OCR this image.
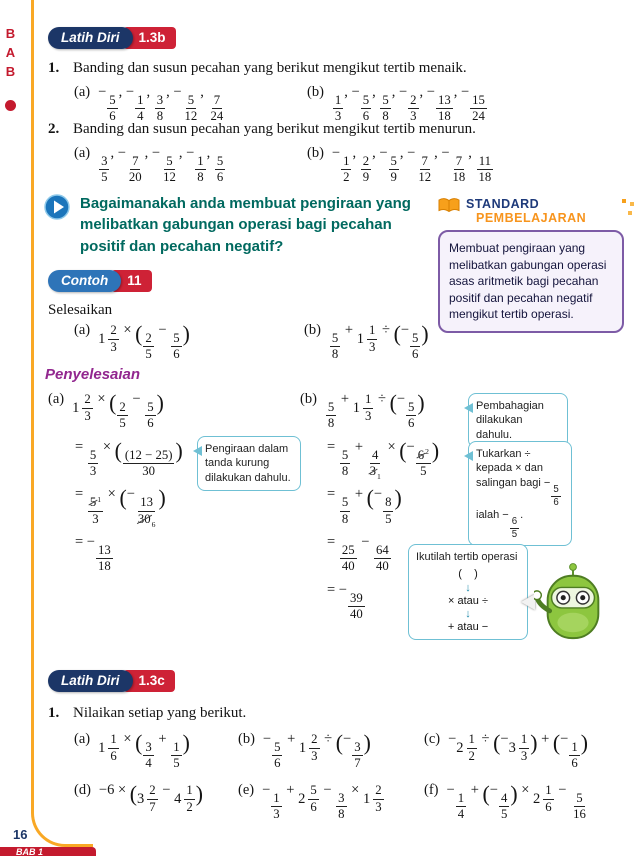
BAB
16
BAB 1
Latih Diri	1.3b
1. Banding dan susun pecahan yang berikut mengikut tertib menaik.
(a) −
$\frac{5}{6}$
, −
$\frac{1}{4}$
,
$\frac{3}{8}$
, −
$\frac{5}{12}$
,
$\frac{7}{24}$
(b)
$\frac{1}{3}$
, −
$\frac{5}{6}$
,
$\frac{5}{8}$
, −
$\frac{2}{3}$
, −
$\frac{13}{18}$
, −
$\frac{15}{24}$
2. Banding dan susun pecahan yang berikut mengikut tertib menurun.
(a)
$\frac{3}{5}$
, −
$\frac{7}{20}$
, −
$\frac{5}{12}$
, −
$\frac{1}{8}$
,
$\frac{5}{6}$
(b) −
$\frac{1}{2}$
,
$\frac{2}{9}$
, −
$\frac{5}{9}$
, −
$\frac{7}{12}$
, −
$\frac{7}{18}$
,
$\frac{11}{18}$
Bagaimanakah anda membuat pengiraan yang melibatkan gabungan operasi bagi pecahan positif dan pecahan negatif?
STANDARD
PEMBELAJARAN
Membuat pengiraan yang melibatkan gabungan operasi asas aritmetik bagi pecahan positif dan pecahan negatif mengikut tertib operasi.
Contoh	11
Selesaikan
(a)
$1 \frac{2}{3}$ × ( $\frac{2}{5}$
−
$\frac{5}{6}$ )	(b)
$\frac{5}{8}$
+
$1 \frac{1}{3}$ ÷ (−
$\frac{5}{6}$ )
Penyelesaian
(a)
$1 \frac{2}{3}$ × ( $\frac{2}{5}$
−
$\frac{5}{6}$ )
=
$\frac{5}{3}$
× ( $\frac{(12 - 25)}{30}$ )
=
$\frac{5^1}{3}$
× (−
$\frac{13}{30_6}$ )
= −
$\frac{13}{18}$
(b)
$\frac{5}{8}$
+
$1 \frac{1}{3}$ ÷ (−
$\frac{5}{6}$ )
=
$\frac{5}{8}$
+
$\frac{4}{3_1}$
× (−
$\frac{6^2}{5}$ )
=
$\frac{5}{8}$
+ (−
$\frac{8}{5}$ )
=
$\frac{25}{40}$
−
$\frac{64}{40}$
= −
$\frac{39}{40}$
Pengiraan dalam tanda kurung dilakukan dahulu.
Pembahagian dilakukan dahulu.
Tukarkan ÷ kepada × dan salingan bagi −
$\frac{5}{6}$
ialah −
$\frac{6}{5}$
.
Ikutilah tertib operasi
(    )
↓
× atau ÷
↓
+ atau −
Latih Diri	1.3c
1. Nilaikan setiap yang berikut.
(a)
$1 \frac{1}{6}$ × ( $\frac{3}{4}$
+
$\frac{1}{5}$ )	(b) −
$\frac{5}{6}$
+
$1 \frac{2}{3}$ ÷ (−
$\frac{3}{7}$ )	(c) −
$2 \frac{1}{2}$ ÷ (−
$3 \frac{1}{3}$ ) + (−
$\frac{1}{6}$ )
(d) −6 × ( $3 \frac{2}{7}$ −
$4 \frac{1}{2}$ ) (e) −
$\frac{1}{3}$
+
$2 \frac{5}{6}$ −
$\frac{3}{8}$
×
$1 \frac{2}{3}$	(f) −
$\frac{1}{4}$
+ (−
$\frac{4}{5}$ ) ×
$2 \frac{1}{6}$ −
$\frac{5}{16}$
